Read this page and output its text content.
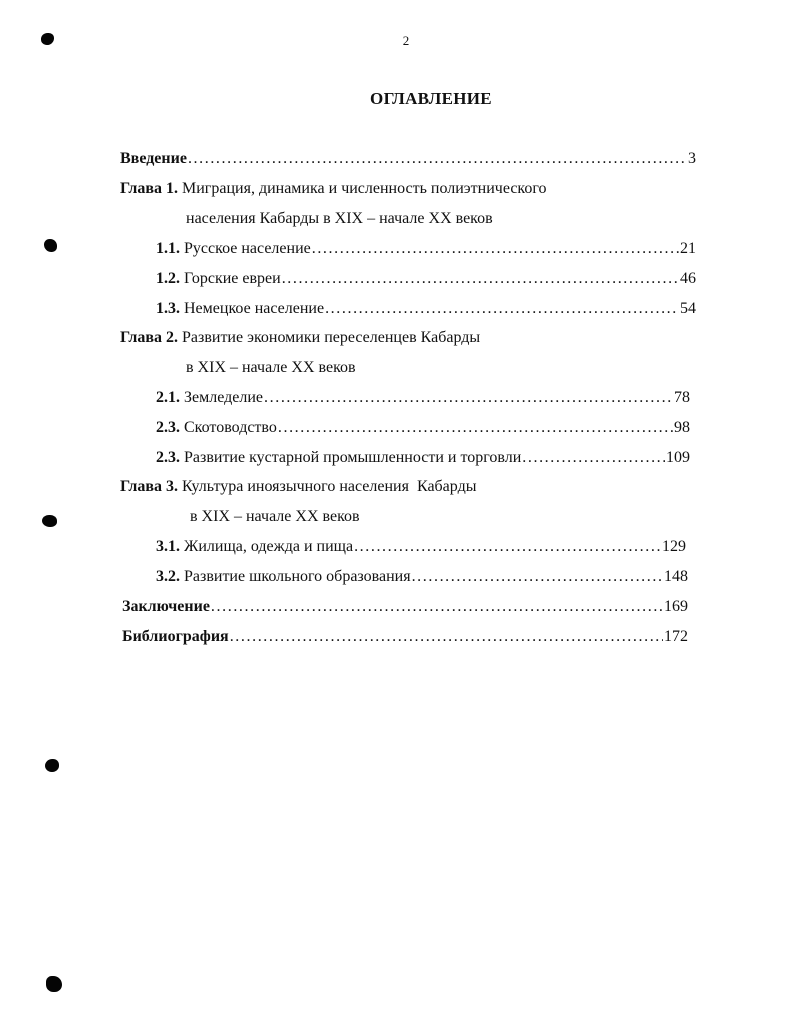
2
ОГЛАВЛЕНИЕ
Введение .....	3
Глава 1. Миграция, динамика и численность полиэтнического
населения Кабарды в XIX – начале XX веков
1.1. Русское население .....	21
1.2. Горские евреи .....	46
1.3. Немецкое население .....	54
Глава 2. Развитие экономики переселенцев Кабарды
в XIX – начале XX веков
2.1. Земледелие .....	78
2.3. Скотоводство .....	98
2.3. Развитие кустарной промышленности и торговли .....	109
Глава 3. Культура иноязычного населения  Кабарды
в XIX – начале XX веков
3.1. Жилища, одежда и пища .....	129
3.2. Развитие школьного образования .....	148
Заключение .....	169
Библиография .....	172
